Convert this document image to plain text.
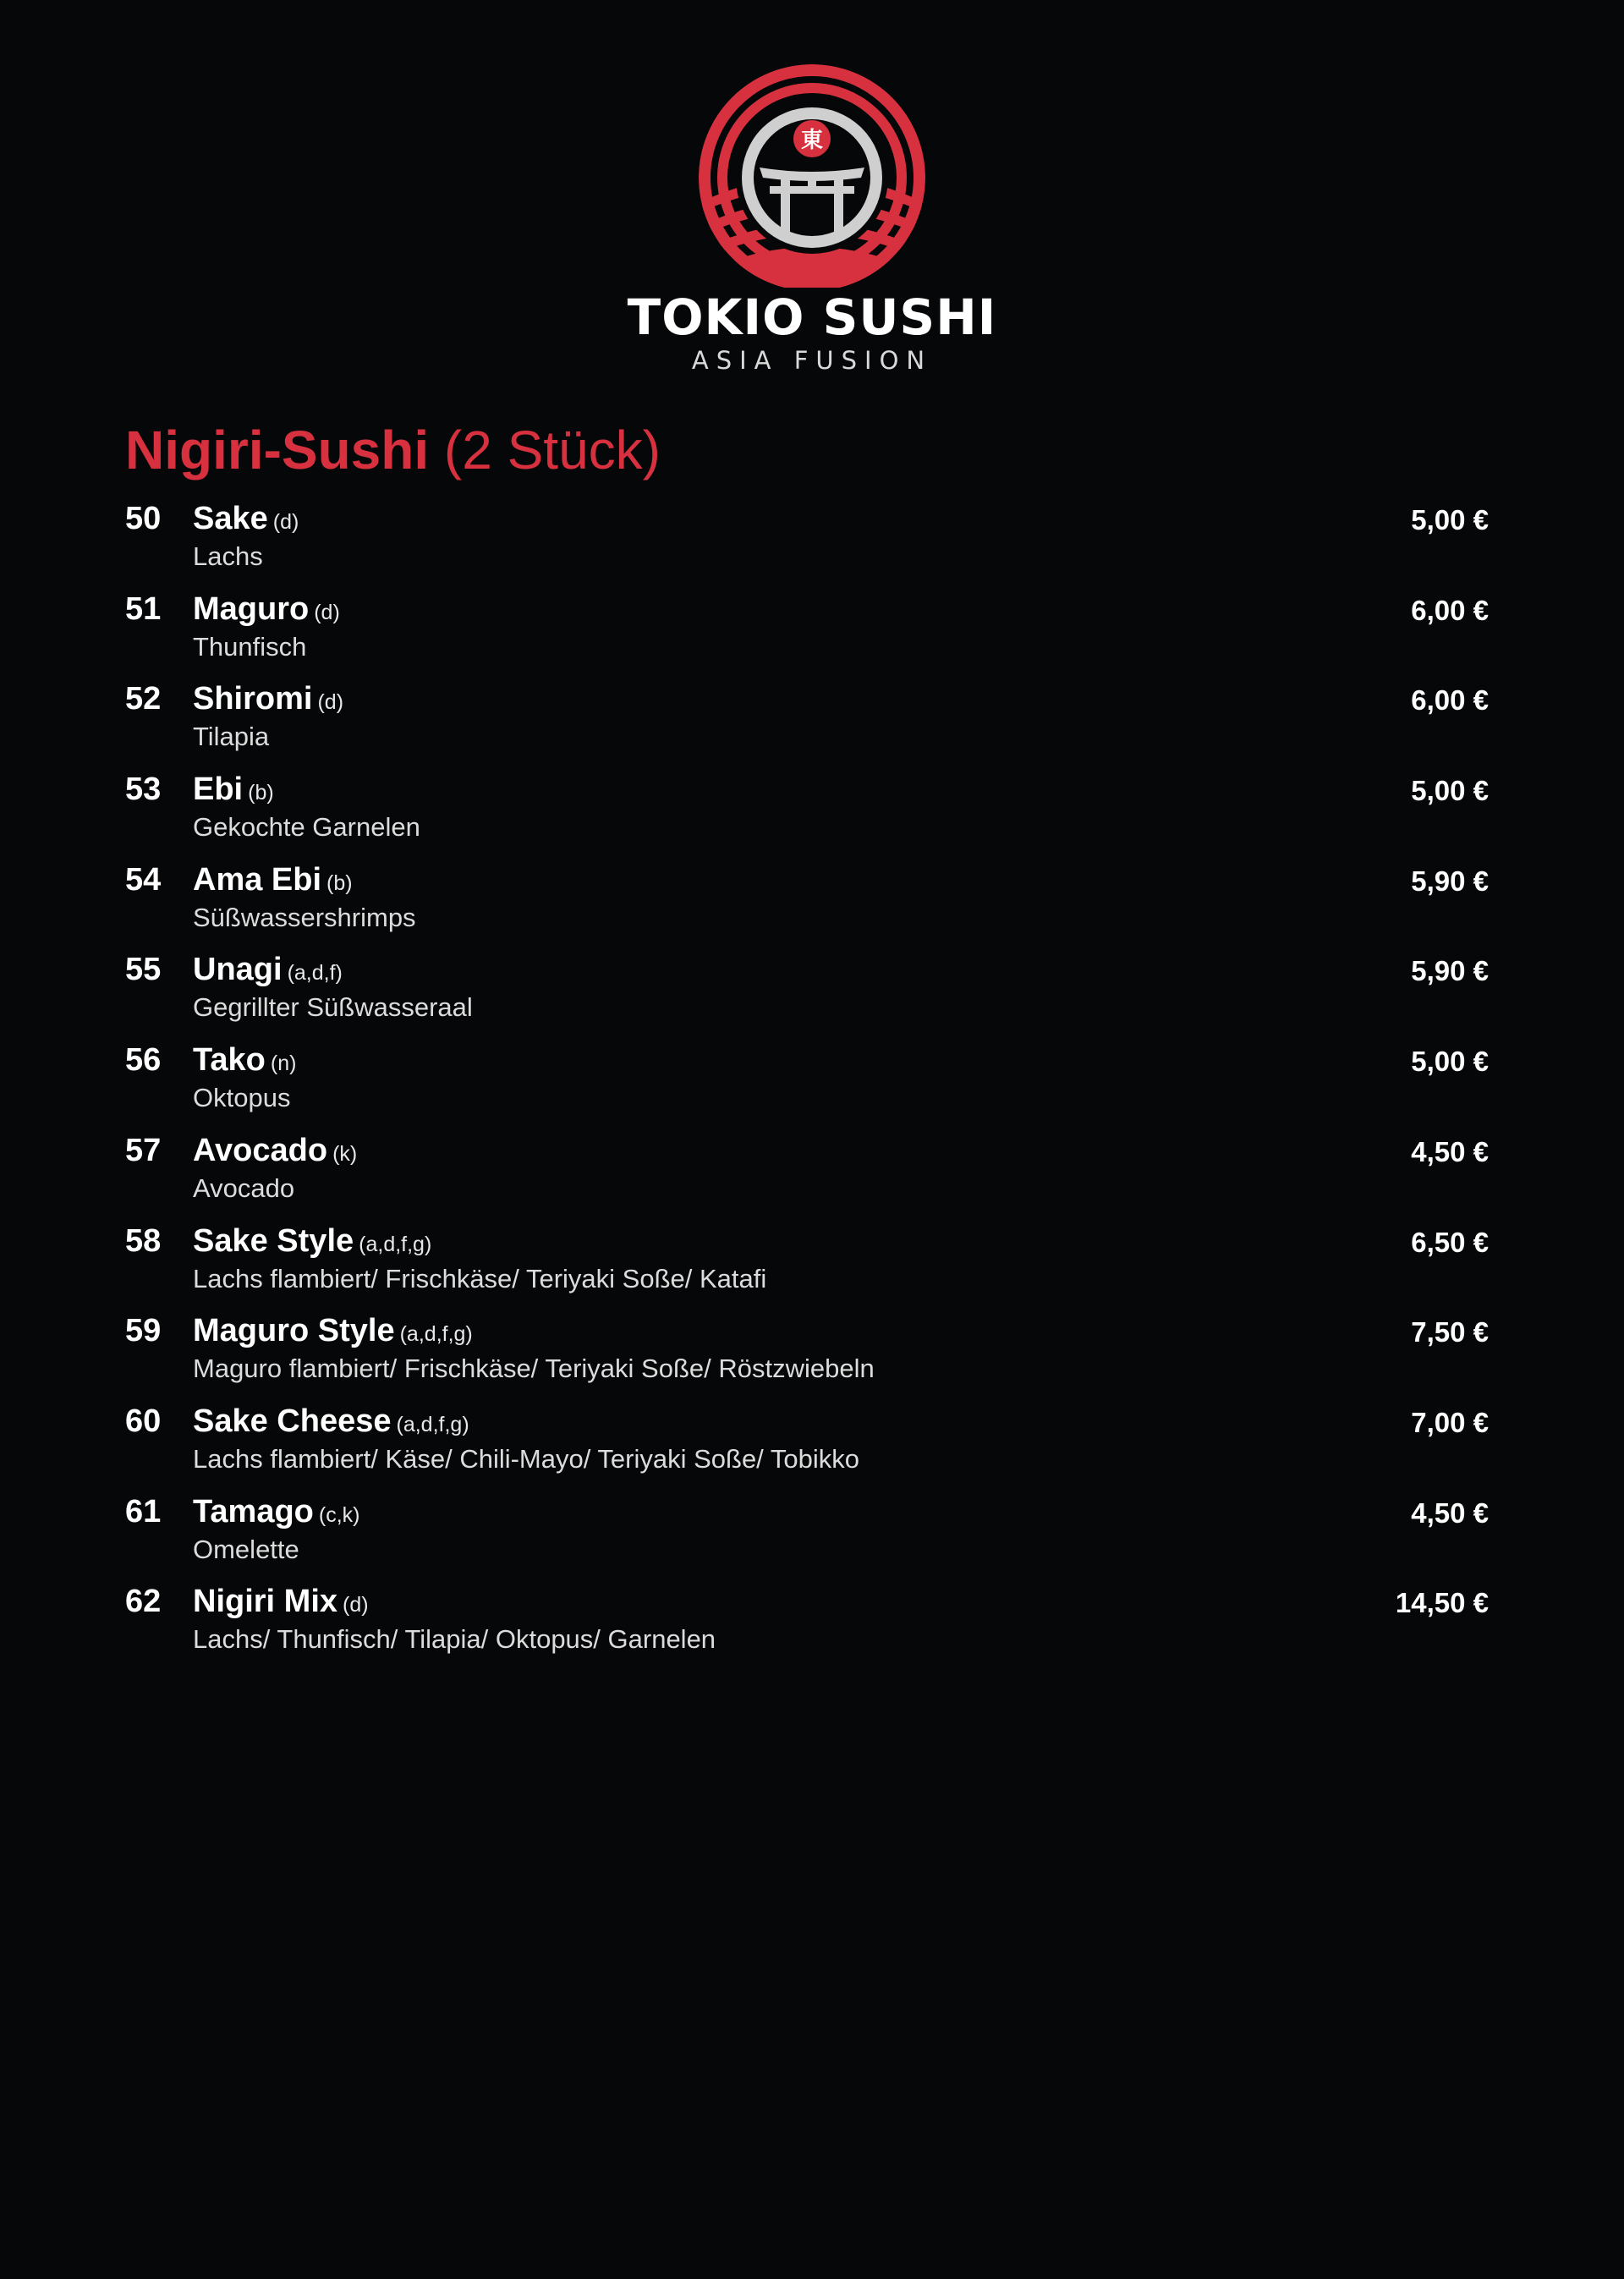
東
TOKIO SUSHI
ASIA FUSION
Nigiri-Sushi (2 Stück)
50 Sake (d)
Lachs
5,00 €
51 Maguro (d)
Thunfisch
6,00 €
52 Shiromi (d)
Tilapia
6,00 €
53 Ebi (b)
Gekochte Garnelen
5,00 €
54 Ama Ebi (b)
Süßwassershrimps
5,90 €
55 Unagi (a,d,f)
Gegrillter Süßwasseraal
5,90 €
56 Tako (n)
Oktopus
5,00 €
57 Avocado (k)
Avocado
4,50 €
58 Sake Style (a,d,f,g)
Lachs flambiert/ Frischkäse/ Teriyaki Soße/ Katafi
6,50 €
59 Maguro Style (a,d,f,g)
Maguro flambiert/ Frischkäse/ Teriyaki Soße/ Röstzwiebeln
7,50 €
60 Sake Cheese (a,d,f,g)
Lachs flambiert/ Käse/ Chili-Mayo/ Teriyaki Soße/ Tobikko
7,00 €
61 Tamago (c,k)
Omelette
4,50 €
62 Nigiri Mix (d)
Lachs/ Thunfisch/ Tilapia/ Oktopus/ Garnelen
14,50 €
